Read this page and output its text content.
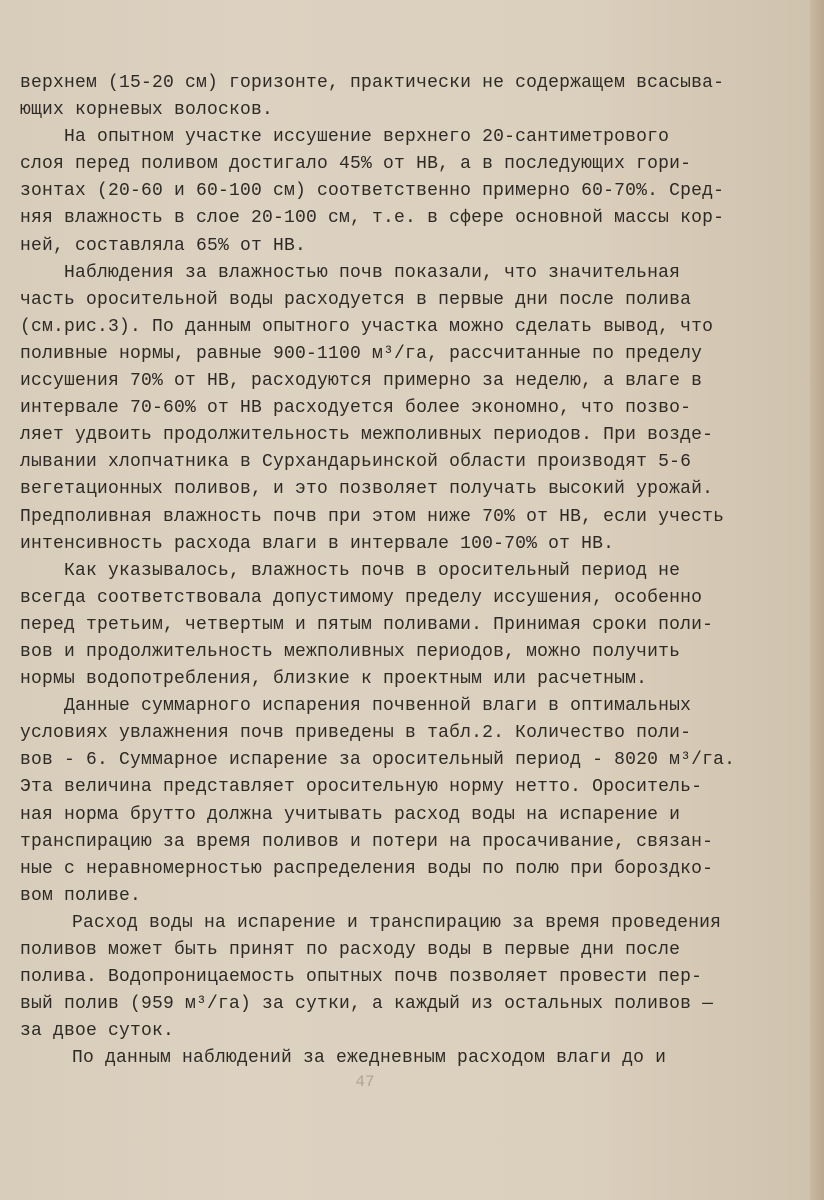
верхнем (15-20 см) горизонте, практически не содержащем всасыва-
ющих корневых волосков.
На опытном участке иссушение верхнего 20-сантиметрового
слоя перед поливом достигало 45% от НВ, а в последующих гори-
зонтах (20-60 и 60-100 см) соответственно примерно 60-70%. Сред-
няя влажность в слое 20-100 см, т.е. в сфере основной массы кор-
ней, составляла 65% от НВ.
Наблюдения за влажностью почв показали, что значительная
часть оросительной воды расходуется в первые дни после полива
(см.рис.3). По данным опытного участка можно сделать вывод, что
поливные нормы, равные 900-1100 м³/га, рассчитанные по пределу
иссушения 70% от НВ, расходуются примерно за неделю, а влаге в
интервале 70-60% от НВ расходуется более экономно, что позво-
ляет удвоить продолжительность межполивных периодов. При возде-
лывании хлопчатника в Сурхандарьинской области производят 5-6
вегетационных поливов, и это позволяет получать высокий урожай.
Предполивная влажность почв при этом ниже 70% от НВ, если учесть
интенсивность расхода влаги в интервале 100-70% от НВ.
Как указывалось, влажность почв в оросительный период не
всегда соответствовала допустимому пределу иссушения, особенно
перед третьим, четвертым и пятым поливами. Принимая сроки поли-
вов и продолжительность межполивных периодов, можно получить
нормы водопотребления, близкие к проектным или расчетным.
Данные суммарного испарения почвенной влаги в оптимальных
условиях увлажнения почв приведены в табл.2. Количество поли-
вов - 6. Суммарное испарение за оросительный период - 8020 м³/га.
Эта величина представляет оросительную норму нетто. Ороситель-
ная норма брутто должна учитывать расход воды на испарение и
транспирацию за время поливов и потери на просачивание, связан-
ные с неравномерностью распределения воды по полю при бороздко-
вом поливе.
Расход воды на испарение и транспирацию за время проведения
поливов может быть принят по расходу воды в первые дни после
полива. Водопроницаемость опытных почв позволяет провести пер-
вый полив (959 м³/га) за сутки, а каждый из остальных поливов —
за двое суток.
По данным наблюдений за ежедневным расходом влаги до и
47
